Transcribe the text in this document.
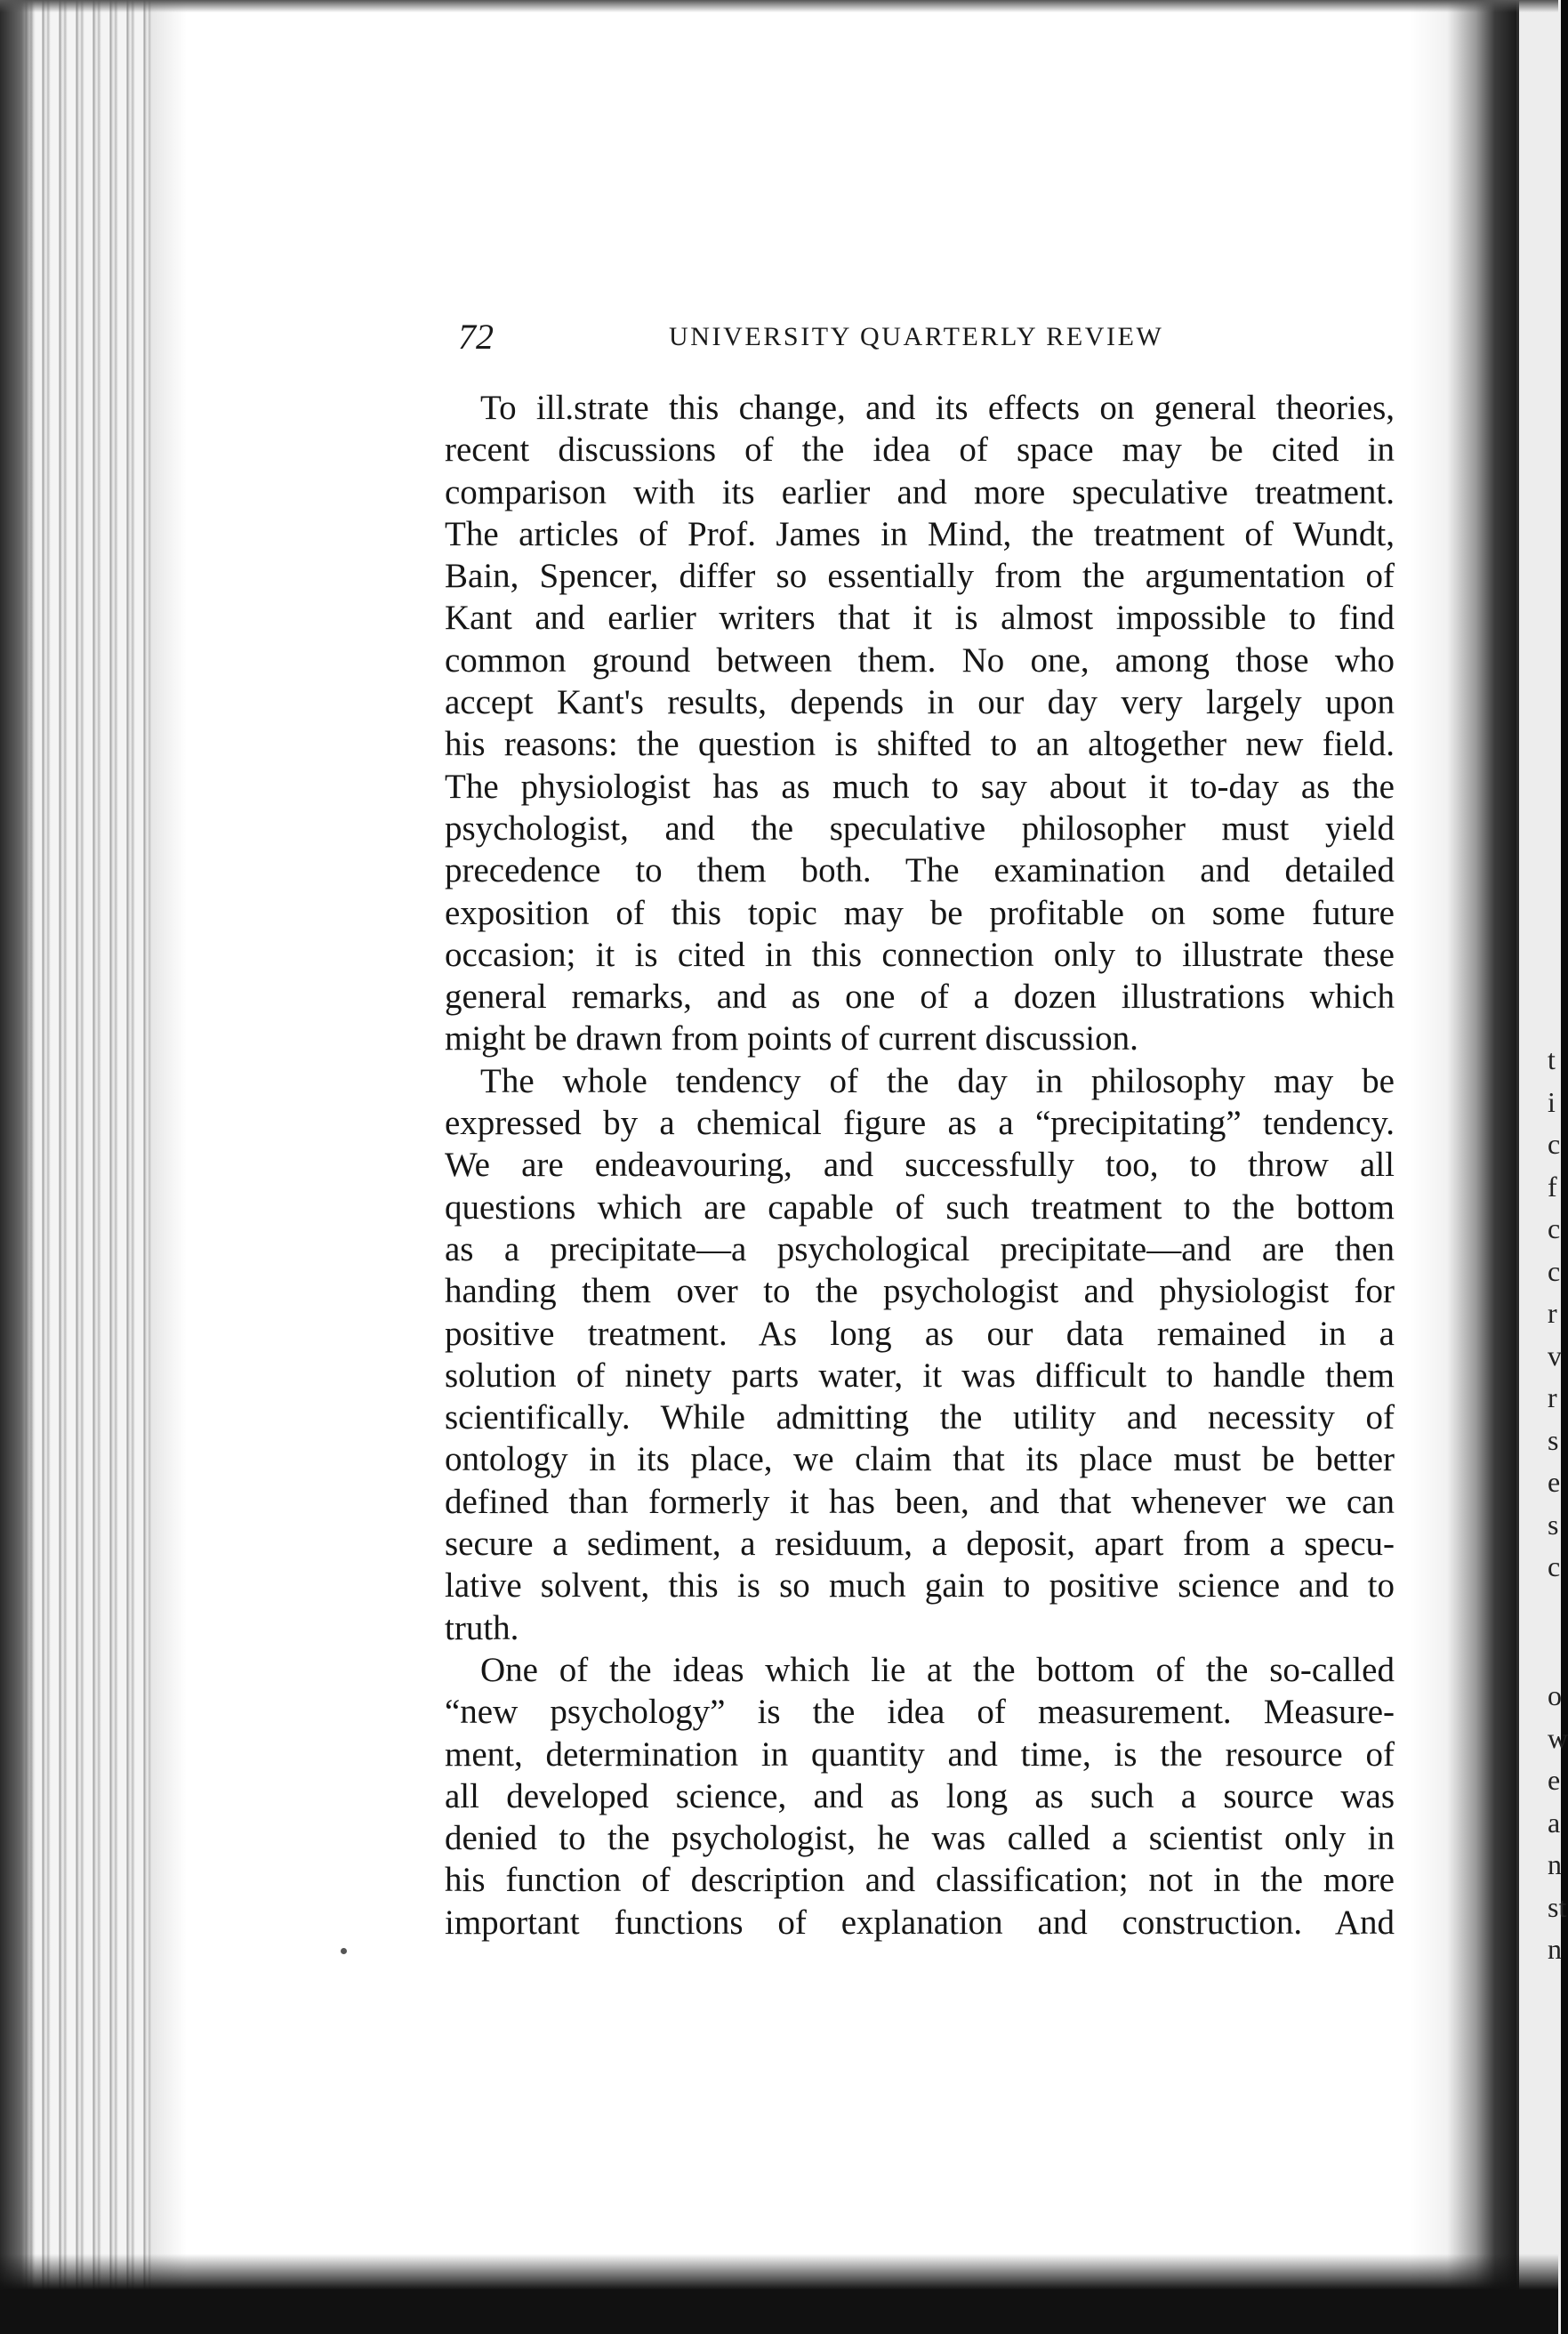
t
i
c
f
c
c
r
v
r
s
e
s
c
o
w
e
a
n
st
n

72	UNIVERSITY QUARTERLY REVIEW

To ill.strate this change, and its effects on general theories,
recent discussions of the idea of space may be cited in
comparison with its earlier and more speculative treatment.
The articles of Prof. James in Mind, the treatment of Wundt,
Bain, Spencer, differ so essentially from the argumentation of
Kant and earlier writers that it is almost impossible to find
common ground between them. No one, among those who
accept Kant's results, depends in our day very largely upon
his reasons: the question is shifted to an altogether new field.
The physiologist has as much to say about it to-day as the
psychologist, and the speculative philosopher must yield
precedence to them both. The examination and detailed
exposition of this topic may be profitable on some future
occasion; it is cited in this connection only to illustrate these
general remarks, and as one of a dozen illustrations which
might be drawn from points of current discussion.
The whole tendency of the day in philosophy may be
expressed by a chemical figure as a “precipitating” tendency.
We are endeavouring, and successfully too, to throw all
questions which are capable of such treatment to the bottom
as a precipitate—a psychological precipitate—and are then
handing them over to the psychologist and physiologist for
positive treatment. As long as our data remained in a
solution of ninety parts water, it was difficult to handle them
scientifically. While admitting the utility and necessity of
ontology in its place, we claim that its place must be better
defined than formerly it has been, and that whenever we can
secure a sediment, a residuum, a deposit, apart from a specu-
lative solvent, this is so much gain to positive science and to
truth.
One of the ideas which lie at the bottom of the so-called
“new psychology” is the idea of measurement. Measure-
ment, determination in quantity and time, is the resource of
all developed science, and as long as such a source was
denied to the psychologist, he was called a scientist only in
his function of description and classification; not in the more
important functions of explanation and construction. And
